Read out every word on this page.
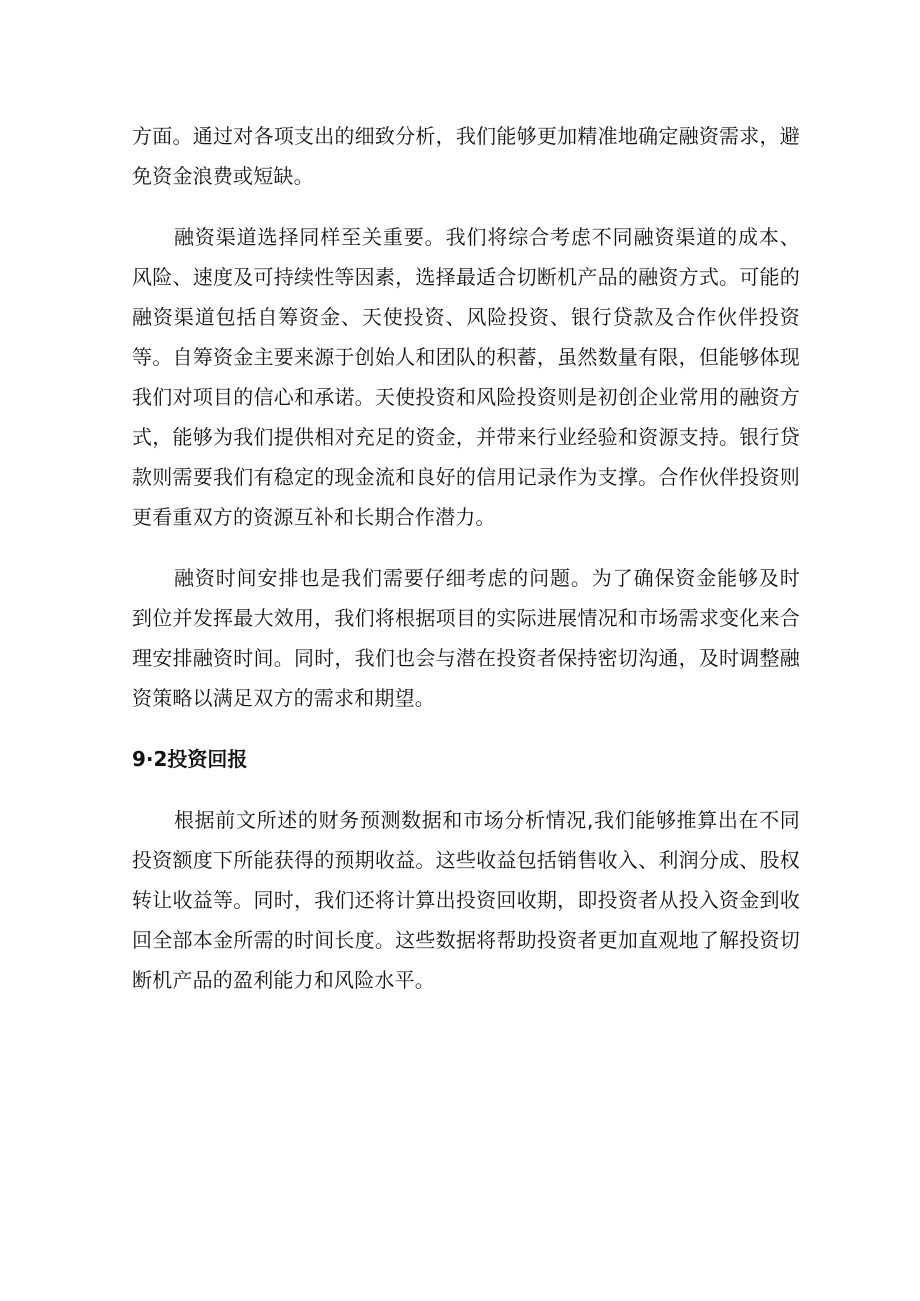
方面。通过对各项支出的细致分析，我们能够更加精准地确定融资需求，避免资金浪费或短缺。

融资渠道选择同样至关重要。我们将综合考虑不同融资渠道的成本、风险、速度及可持续性等因素，选择最适合切断机产品的融资方式。可能的融资渠道包括自筹资金、天使投资、风险投资、银行贷款及合作伙伴投资等。自筹资金主要来源于创始人和团队的积蓄，虽然数量有限，但能够体现我们对项目的信心和承诺。天使投资和风险投资则是初创企业常用的融资方式，能够为我们提供相对充足的资金，并带来行业经验和资源支持。银行贷款则需要我们有稳定的现金流和良好的信用记录作为支撑。合作伙伴投资则更看重双方的资源互补和长期合作潜力。

融资时间安排也是我们需要仔细考虑的问题。为了确保资金能够及时到位并发挥最大效用，我们将根据项目的实际进展情况和市场需求变化来合理安排融资时间。同时，我们也会与潜在投资者保持密切沟通，及时调整融资策略以满足双方的需求和期望。

9·2投资回报

根据前文所述的财务预测数据和市场分析情况,我们能够推算出在不同投资额度下所能获得的预期收益。这些收益包括销售收入、利润分成、股权转让收益等。同时，我们还将计算出投资回收期，即投资者从投入资金到收回全部本金所需的时间长度。这些数据将帮助投资者更加直观地了解投资切断机产品的盈利能力和风险水平。
